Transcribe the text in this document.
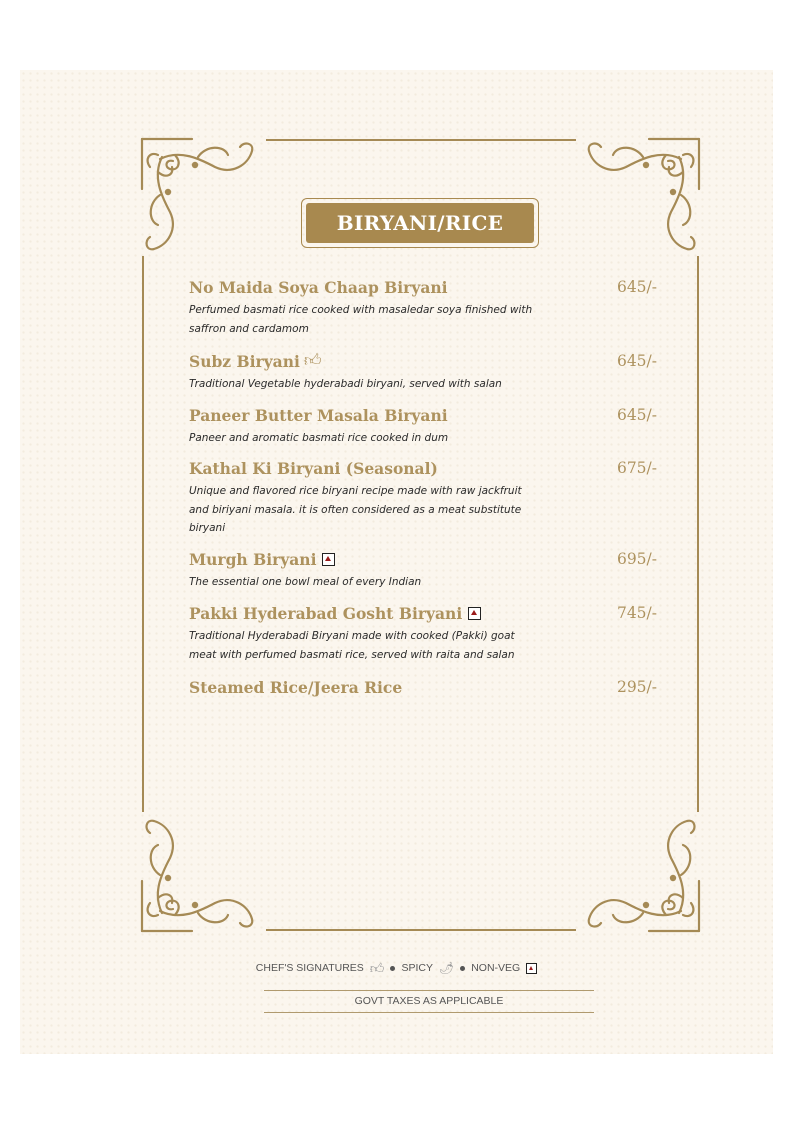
BIRYANI/RICE
No Maida Soya Chaap Biryani	645/-
Perfumed basmati rice cooked with masaledar soya finished with saffron and cardamom
Subz Biryani 👍︎	645/-
Traditional Vegetable hyderabadi biryani, served with salan
Paneer Butter Masala Biryani	645/-
Paneer and aromatic basmati rice cooked in dum
Kathal Ki Biryani (Seasonal)	675/-
Unique and flavored rice biryani recipe made with raw jackfruit and biriyani masala. it is often considered as a meat substitute biryani
Murgh Biryani	695/-
The essential one bowl meal of every Indian
Pakki Hyderabad Gosht Biryani	745/-
Traditional Hyderabadi Biryani made with cooked (Pakki) goat meat with perfumed basmati rice, served with raita and salan
Steamed Rice/Jeera Rice	295/-
CHEF'S SIGNATURES 👍︎ SPICY 🌶︎ NON-VEG
GOVT TAXES AS APPLICABLE
